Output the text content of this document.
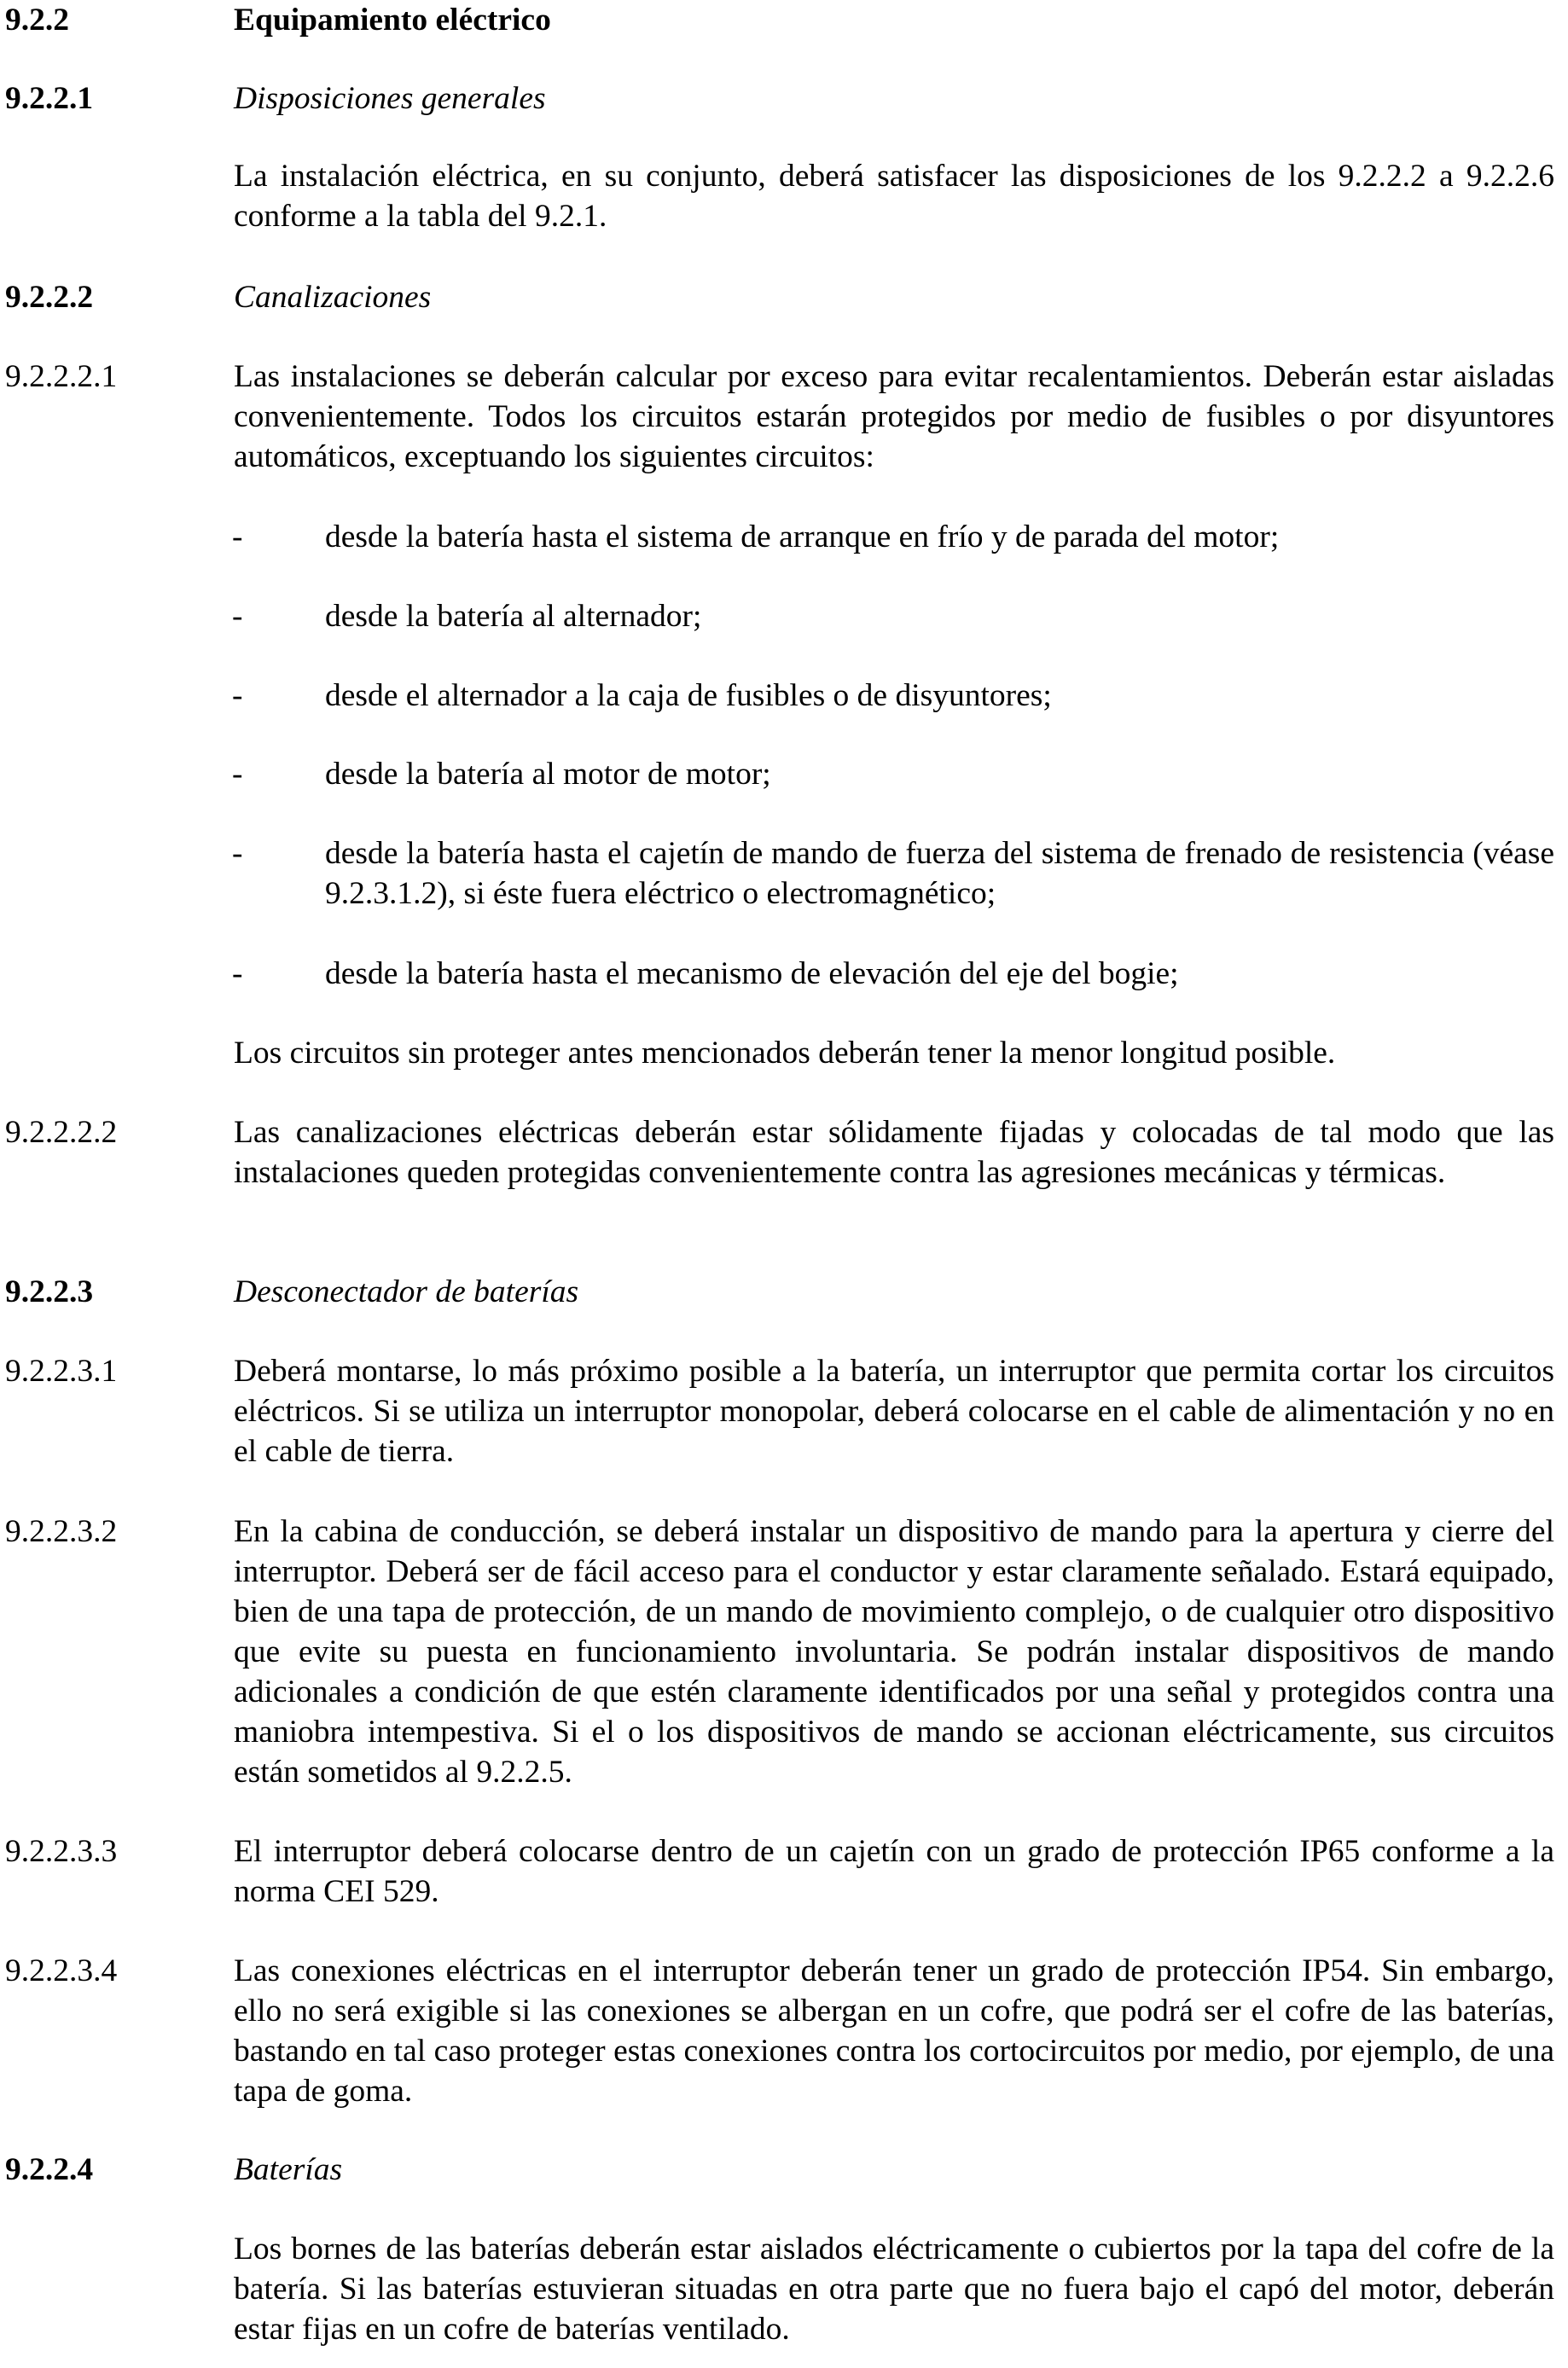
9.2.2	Equipamiento eléctrico
9.2.2.1	Disposiciones generales
La instalación eléctrica, en su conjunto, deberá satisfacer las disposiciones de los 9.2.2.2 a 9.2.2.6 conforme a la tabla del 9.2.1.
9.2.2.2	Canalizaciones
9.2.2.2.1	Las instalaciones se deberán calcular por exceso para evitar recalentamientos. Deberán estar aisladas convenientemente. Todos los circuitos estarán protegidos por medio de fusibles o por disyuntores automáticos, exceptuando los siguientes circuitos:
-	desde la batería hasta el sistema de arranque en frío y de parada del motor;
-	desde la batería al alternador;
-	desde el alternador a la caja de fusibles o de disyuntores;
-	desde la batería al motor de motor;
-	desde la batería hasta el cajetín de mando de fuerza del sistema de frenado de resistencia (véase 9.2.3.1.2), si éste fuera eléctrico o electromagnético;
-	desde la batería hasta el mecanismo de elevación del eje del bogie;
Los circuitos sin proteger antes mencionados deberán tener la menor longitud posible.
9.2.2.2.2	Las canalizaciones eléctricas deberán estar sólidamente fijadas y colocadas de tal modo que las instalaciones queden protegidas convenientemente contra las agresiones mecánicas y térmicas.
9.2.2.3	Desconectador de baterías
9.2.2.3.1	Deberá montarse, lo más próximo posible a la batería, un interruptor que permita cortar los circuitos eléctricos. Si se utiliza un interruptor monopolar, deberá colocarse en el cable de alimentación y no en el cable de tierra.
9.2.2.3.2	En la cabina de conducción, se deberá instalar un dispositivo de mando para la apertura y cierre del interruptor. Deberá ser de fácil acceso para el conductor y estar claramente señalado. Estará equipado, bien de una tapa de protección, de un mando de movimiento complejo, o de cualquier otro dispositivo que evite su puesta en funcionamiento involuntaria. Se podrán instalar dispositivos de mando adicionales a condición de que estén claramente identificados por una señal y protegidos contra una maniobra intempestiva. Si el o los dispositivos de mando se accionan eléctricamente, sus circuitos están sometidos al 9.2.2.5.
9.2.2.3.3	El interruptor deberá colocarse dentro de un cajetín con un grado de protección IP65 conforme a la norma CEI 529.
9.2.2.3.4	Las conexiones eléctricas en el interruptor deberán tener un grado de protección IP54. Sin embargo, ello no será exigible si las conexiones se albergan en un cofre, que podrá ser el cofre de las baterías, bastando en tal caso proteger estas conexiones contra los cortocircuitos por medio, por ejemplo, de una tapa de goma.
9.2.2.4	Baterías
Los bornes de las baterías deberán estar aislados eléctricamente o cubiertos por la tapa del cofre de la batería. Si las baterías estuvieran situadas en otra parte que no fuera bajo el capó del motor, deberán estar fijas en un cofre de baterías ventilado.
